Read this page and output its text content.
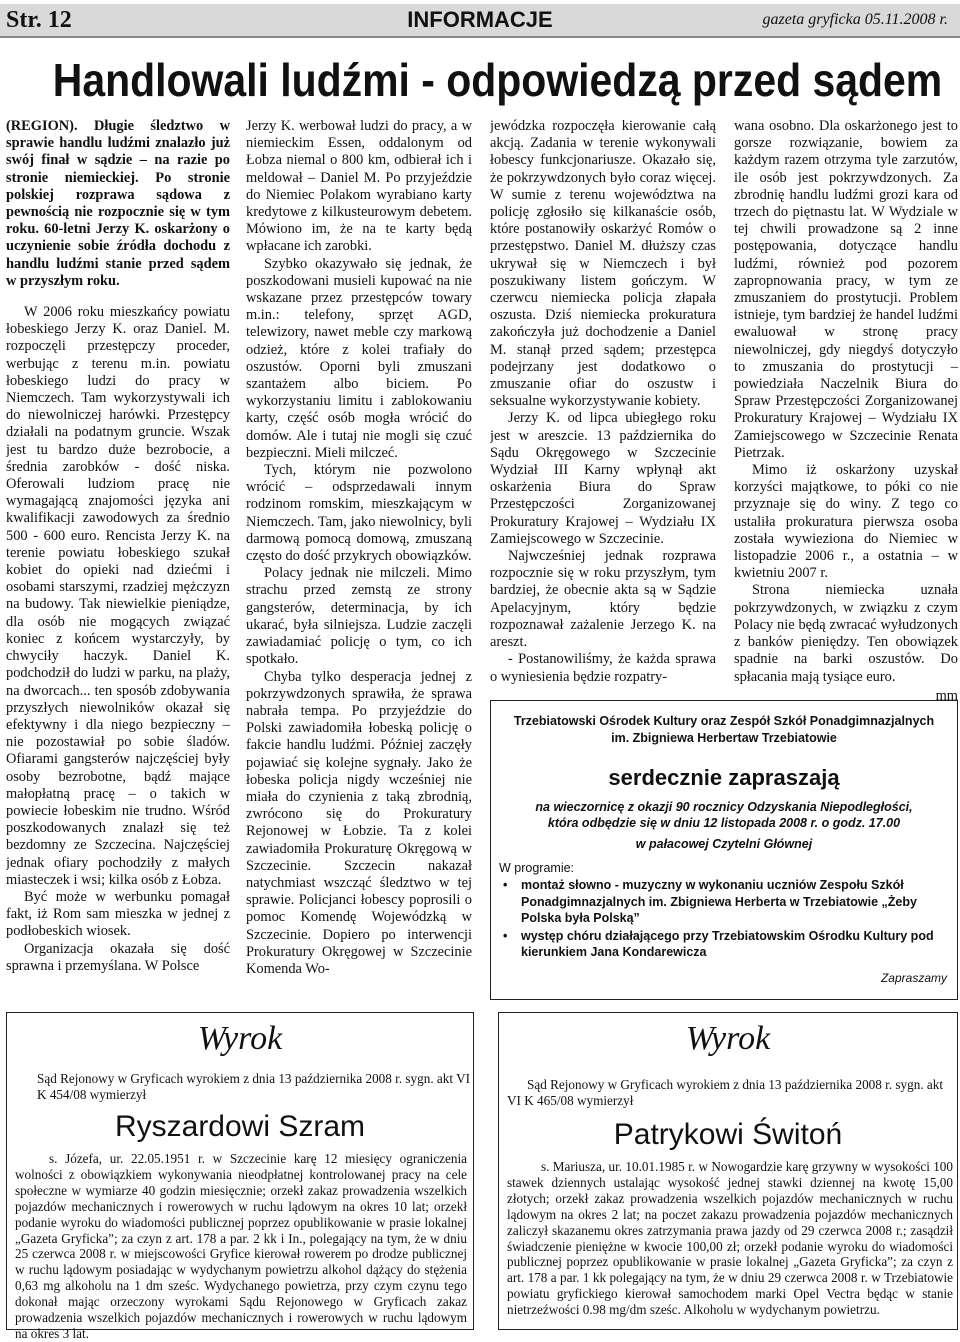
Str. 12	INFORMACJE	gazeta gryficka 05.11.2008 r.
Handlowali ludźmi - odpowiedzą przed sądem

(REGION). Długie śledztwo w sprawie handlu ludźmi znalazło już swój finał w sądzie – na razie po stronie niemieckiej. Po stronie polskiej rozprawa sądowa z pewnością nie rozpocznie się w tym roku. 60-letni Jerzy K. oskarżony o uczynienie sobie źródła dochodu z handlu ludźmi stanie przed sądem w przyszłym roku.

W 2006 roku mieszkańcy powiatu łobeskiego Jerzy K. oraz Daniel. M. rozpoczęli przestępczy proceder, werbując z terenu m.in. powiatu łobeskiego ludzi do pracy w Niemczech. Tam wykorzystywali ich do niewolniczej harówki. Przestępcy działali na podatnym gruncie. Wszak jest tu bardzo duże bezrobocie, a średnia zarobków - dość niska. Oferowali ludziom pracę nie wymagającą znajomości języka ani kwalifikacji zawodowych za średnio 500 - 600 euro. Rencista Jerzy K. na terenie powiatu łobeskiego szukał kobiet do opieki nad dziećmi i osobami starszymi, rzadziej mężczyzn na budowy. Tak niewielkie pieniądze, dla osób nie mogących związać koniec z końcem wystarczyły, by chwyciły haczyk. Daniel K. podchodził do ludzi w parku, na plaży, na dworcach... ten sposób zdobywania przyszłych niewolników okazał się efektywny i dla niego bezpieczny – nie pozostawiał po sobie śladów. Ofiarami gangsterów najczęściej były osoby bezrobotne, bądź mające małopłatną pracę – o takich w powiecie łobeskim nie trudno. Wśród poszkodowanych znalazł się też bezdomny ze Szczecina. Najczęściej jednak ofiary pochodziły z małych miasteczek i wsi; kilka osób z Łobza.

Być może w werbunku pomagał fakt, iż Rom sam mieszka w jednej z podłobeskich wiosek.

Organizacja okazała się dość sprawna i przemyślana. W Polsce

Jerzy K. werbował ludzi do pracy, a w niemieckim Essen, oddalonym od Łobza niemal o 800 km, odbierał ich i meldował – Daniel M. Po przyjeździe do Niemiec Polakom wyrabiano karty kredytowe z kilkusteurowym debetem. Mówiono im, że na te karty będą wpłacane ich zarobki.

Szybko okazywało się jednak, że poszkodowani musieli kupować na nie wskazane przez przestępców towary m.in.: telefony, sprzęt AGD, telewizory, nawet meble czy markową odzież, które z kolei trafiały do oszustów. Oporni byli zmuszani szantażem albo biciem. Po wykorzystaniu limitu i zablokowaniu karty, część osób mogła wrócić do domów. Ale i tutaj nie mogli się czuć bezpieczni. Mieli milczeć.

Tych, którym nie pozwolono wrócić – odsprzedawali innym rodzinom romskim, mieszkającym w Niemczech. Tam, jako niewolnicy, byli darmową pomocą domową, zmuszaną często do dość przykrych obowiązków.

Polacy jednak nie milczeli. Mimo strachu przed zemstą ze strony gangsterów, determinacja, by ich ukarać, była silniejsza. Ludzie zaczęli zawiadamiać policję o tym, co ich spotkało.

Chyba tylko desperacja jednej z pokrzywdzonych sprawiła, że sprawa nabrała tempa. Po przyjeździe do Polski zawiadomiła łobeską policję o fakcie handlu ludźmi. Później zaczęły pojawiać się kolejne sygnały. Jako że łobeska policja nigdy wcześniej nie miała do czynienia z taką zbrodnią, zwrócono się do Prokuratury Rejonowej w Łobzie. Ta z kolei zawiadomiła Prokuraturę Okręgową w Szczecinie. Szczecin nakazał natychmiast wszcząć śledztwo w tej sprawie. Policjanci łobescy poprosili o pomoc Komendę Wojewódzką w Szczecinie. Dopiero po interwencji Prokuratury Okręgowej w Szczecinie Komenda Wo-

jewódzka rozpoczęła kierowanie całą akcją. Zadania w terenie wykonywali łobescy funkcjonariusze. Okazało się, że pokrzywdzonych było coraz więcej. W sumie z terenu województwa na policję zgłosiło się kilkanaście osób, które postanowiły oskarżyć Romów o przestępstwo. Daniel M. dłuższy czas ukrywał się w Niemczech i był poszukiwany listem gończym. W czerwcu niemiecka policja złapała oszusta. Dziś niemiecka prokuratura zakończyła już dochodzenie a Daniel M. stanął przed sądem; przestępca podejrzany jest dodatkowo o zmuszanie ofiar do oszustw i seksualne wykorzystywanie kobiety.

Jerzy K. od lipca ubiegłego roku jest w areszcie. 13 października do Sądu Okręgowego w Szczecinie Wydział III Karny wpłynął akt oskarżenia Biura do Spraw Przestępczości Zorganizowanej Prokuratury Krajowej – Wydziału IX Zamiejscowego w Szczecinie.

Najwcześniej jednak rozprawa rozpocznie się w roku przyszłym, tym bardziej, że obecnie akta są w Sądzie Apelacyjnym, który będzie rozpoznawał zażalenie Jerzego K. na areszt.

- Postanowiliśmy, że każda sprawa o wyniesienia będzie rozpatry-

wana osobno. Dla oskarżonego jest to gorsze rozwiązanie, bowiem za każdym razem otrzyma tyle zarzutów, ile osób jest pokrzywdzonych. Za zbrodnię handlu ludźmi grozi kara od trzech do piętnastu lat. W Wydziale w tej chwili prowadzone są 2 inne postępowania, dotyczące handlu ludźmi, również pod pozorem zapropnowania pracy, w tym ze zmuszaniem do prostytucji. Problem istnieje, tym bardziej że handel ludźmi ewaluował w stronę pracy niewolniczej, gdy niegdyś dotyczyło to zmuszania do prostytucji – powiedziała Naczelnik Biura do Spraw Przestępczości Zorganizowanej Prokuratury Krajowej – Wydziału IX Zamiejscowego w Szczecinie Renata Pietrzak.

Mimo iż oskarżony uzyskał korzyści majątkowe, to póki co nie przyznaje się do winy. Z tego co ustaliła prokuratura pierwsza osoba została wywieziona do Niemiec w listopadzie 2006 r., a ostatnia – w kwietniu 2007 r.

Strona niemiecka uznała pokrzywdzonych, w związku z czym Polacy nie będą zwracać wyłudzonych z banków pieniędzy. Ten obowiązek spadnie na barki oszustów. Do spłacania mają tysiące euro.

mm
Trzebiatowski Ośrodek Kultury oraz Zespół Szkół Ponadgimnazjalnych
im. Zbigniewa Herbertaw Trzebiatowie
serdecznie zapraszają
na wieczornicę z okazji 90 rocznicy Odzyskania Niepodległości,
która odbędzie się w dniu 12 listopada 2008 r. o godz. 17.00
w pałacowej Czytelni Głównej
W programie:
• montaż słowno - muzyczny w wykonaniu uczniów Zespołu Szkół Ponadgimnazjalnych im. Zbigniewa Herberta w Trzebiatowie „Żeby Polska była Polską”
• występ chóru działającego przy Trzebiatowskim Ośrodku Kultury pod kierunkiem Jana Kondarewicza
Zapraszamy
Wyrok
Sąd Rejonowy w Gryficach wyrokiem z dnia 13 października 2008 r. sygn. akt VI K 454/08 wymierzył
Ryszardowi Szram

s. Józefa, ur. 22.05.1951 r. w Szczecinie karę 12 miesięcy ograniczenia wolności z obowiązkiem wykonywania nieodpłatnej kontrolowanej pracy na cele społeczne w wymiarze 40 godzin miesięcznie; orzekł zakaz prowadzenia wszelkich pojazdów mechanicznych i rowerowych w ruchu lądowym na okres 10 lat; orzekł podanie wyroku do wiadomości publicznej poprzez opublikowanie w prasie lokalnej „Gazeta Gryficka”; za czyn z art. 178 a par. 2 kk i In., polegający na tym, że w dniu 25 czerwca 2008 r. w miejscowości Gryfice kierował rowerem po drodze publicznej w ruchu lądowym posiadając w wydychanym powietrzu alkohol dążący do stężenia 0,63 mg alkoholu na 1 dm sześc. Wydychanego powietrza, przy czym czynu tego dokonał mając orzeczony wyrokami Sądu Rejonowego w Gryficach zakaz prowadzenia wszelkich pojazdów mechanicznych i rowerowych w ruchu lądowym na okres 3 lat.

Wyrok
Sąd Rejonowy w Gryficach wyrokiem z dnia 13 października 2008 r. sygn. akt VI K 465/08 wymierzył
Patrykowi Świtoń

s. Mariusza, ur. 10.01.1985 r. w Nowogardzie karę grzywny w wysokości 100 stawek dziennych ustalając wysokość jednej stawki dziennej na kwotę 15,00 złotych; orzekł zakaz prowadzenia wszelkich pojazdów mechanicznych w ruchu lądowym na okres 2 lat; na poczet zakazu prowadzenia pojazdów mechanicznych zaliczył skazanemu okres zatrzymania prawa jazdy od 29 czerwca 2008 r.; zasądził świadczenie pieniężne w kwocie 100,00 zł; orzekł podanie wyroku do wiadomości publicznej poprzez opublikowanie w prasie lokalnej „Gazeta Gryficka”; za czyn z art. 178 a par. 1 kk polegający na tym, że w dniu 29 czerwca 2008 r. w Trzebiatowie powiatu gryfickiego kierował samochodem marki Opel Vectra będąc w stanie nietrzeźwości 0.98 mg/dm sześc. Alkoholu w wydychanym powietrzu.
